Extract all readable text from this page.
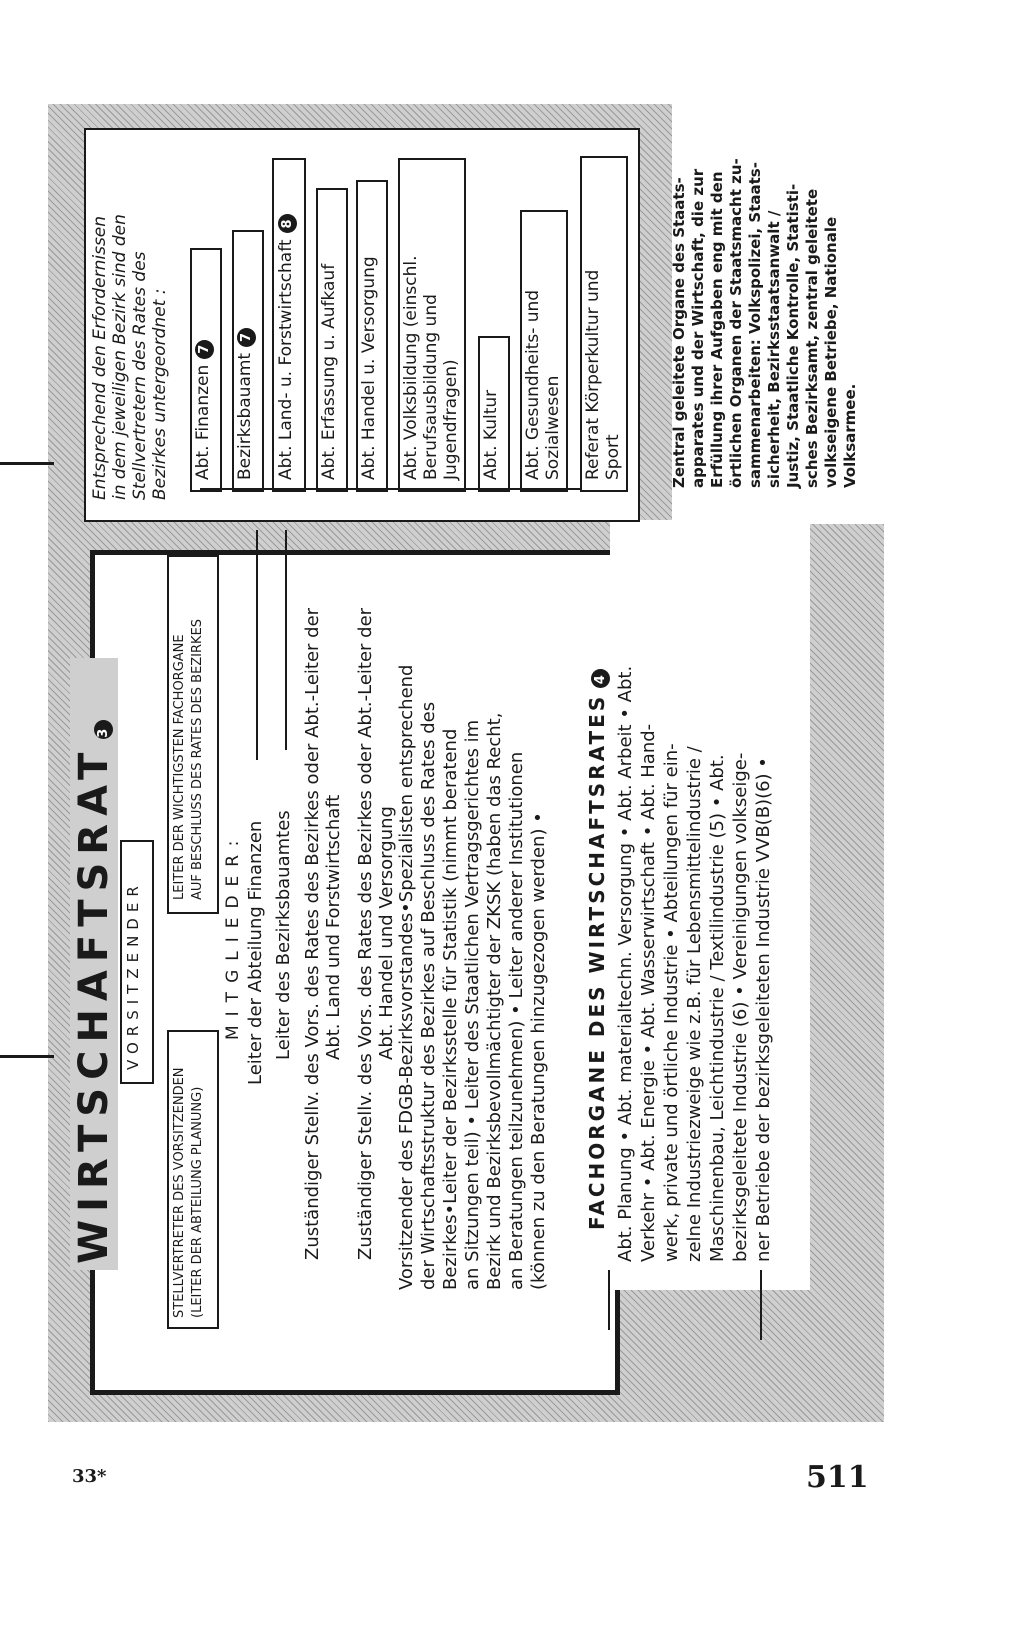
WIRTSCHAFTSRAT3
VORSITZENDER
STELLVERTRETER DES VORSITZENDEN (LEITER DER ABTEILUNG PLANUNG)
LEITER DER WICHTIGSTEN FACHORGANE AUF BESCHLUSS DES RATES DES BEZIRKES
MITGLIEDER: Leiter der Abteilung Finanzen Leiter des Bezirksbauamtes Zuständiger Stellv. des Vors. des Rates des Bezirkes oder Abt.-Leiter der Abt. Land und Forstwirtschaft Zuständiger Stellv. des Vors. des Rates des Bezirkes oder Abt.-Leiter der Abt. Handel und Versorgung Vorsitzender des FDGB-Bezirksvorstandes•Spezialisten entsprechend der Wirtschaftsstruktur des Bezirkes auf Beschluss des Rates des Bezirkes•Leiter der Bezirksstelle für Statistik (nimmt beratend an Sitzungen teil) • Leiter des Staatlichen Vertragsgerichtes im Bezirk und Bezirksbevollmächtigter der ZKSK (haben das Recht, an Beratungen teilzunehmen) • Leiter anderer Institutionen (können zu den Beratungen hinzugezogen werden) • FACHORGANE DES WIRTSCHAFTSRATES4 Abt. Planung • Abt. materialtechn. Versorgung • Abt. Arbeit • Abt. Verkehr • Abt. Energie • Abt. Wasserwirtschaft • Abt. Hand- werk, private und örtliche Industrie • Abteilungen für ein- zelne Industriezweige wie z.B. für Lebensmittelindustrie / Maschinenbau, Leichtindustrie / Textilindustrie (5) • Abt. bezirksgeleitete Industrie (6) • Vereinigungen volkseige- ner Betriebe der bezirksgeleiteten Industrie VVB(B)(6) •
Entsprechend den Erfordernissen in dem jeweiligen Bezirk sind den Stellvertretern des Rates des Bezirkes untergeordnet : Abt. Finanzen7
Bezirksbauamt7 Abt. Land- u. Forstwirtschaft8
Abt. Erfassung u. Aufkauf Abt. Handel u. Versorgung Abt. Volksbildung (einschl. Berufsausbildung und Jugendfragen) Abt. Kultur Abt. Gesundheits- und Sozialwesen Referat Körperkultur und Sport	Zentral geleitete Organe des Staats- apparates und der Wirtschaft, die zur Erfüllung ihrer Aufgaben eng mit den örtlichen Organen der Staatsmacht zu- sammenarbeiten: Volkspolizei, Staats- sicherheit, Bezirksstaatsanwalt / Justiz, Staatliche Kontrolle, Statisti- sches Bezirksamt, zentral geleitete volkseigene Betriebe, Nationale Volksarmee.
33*	511
